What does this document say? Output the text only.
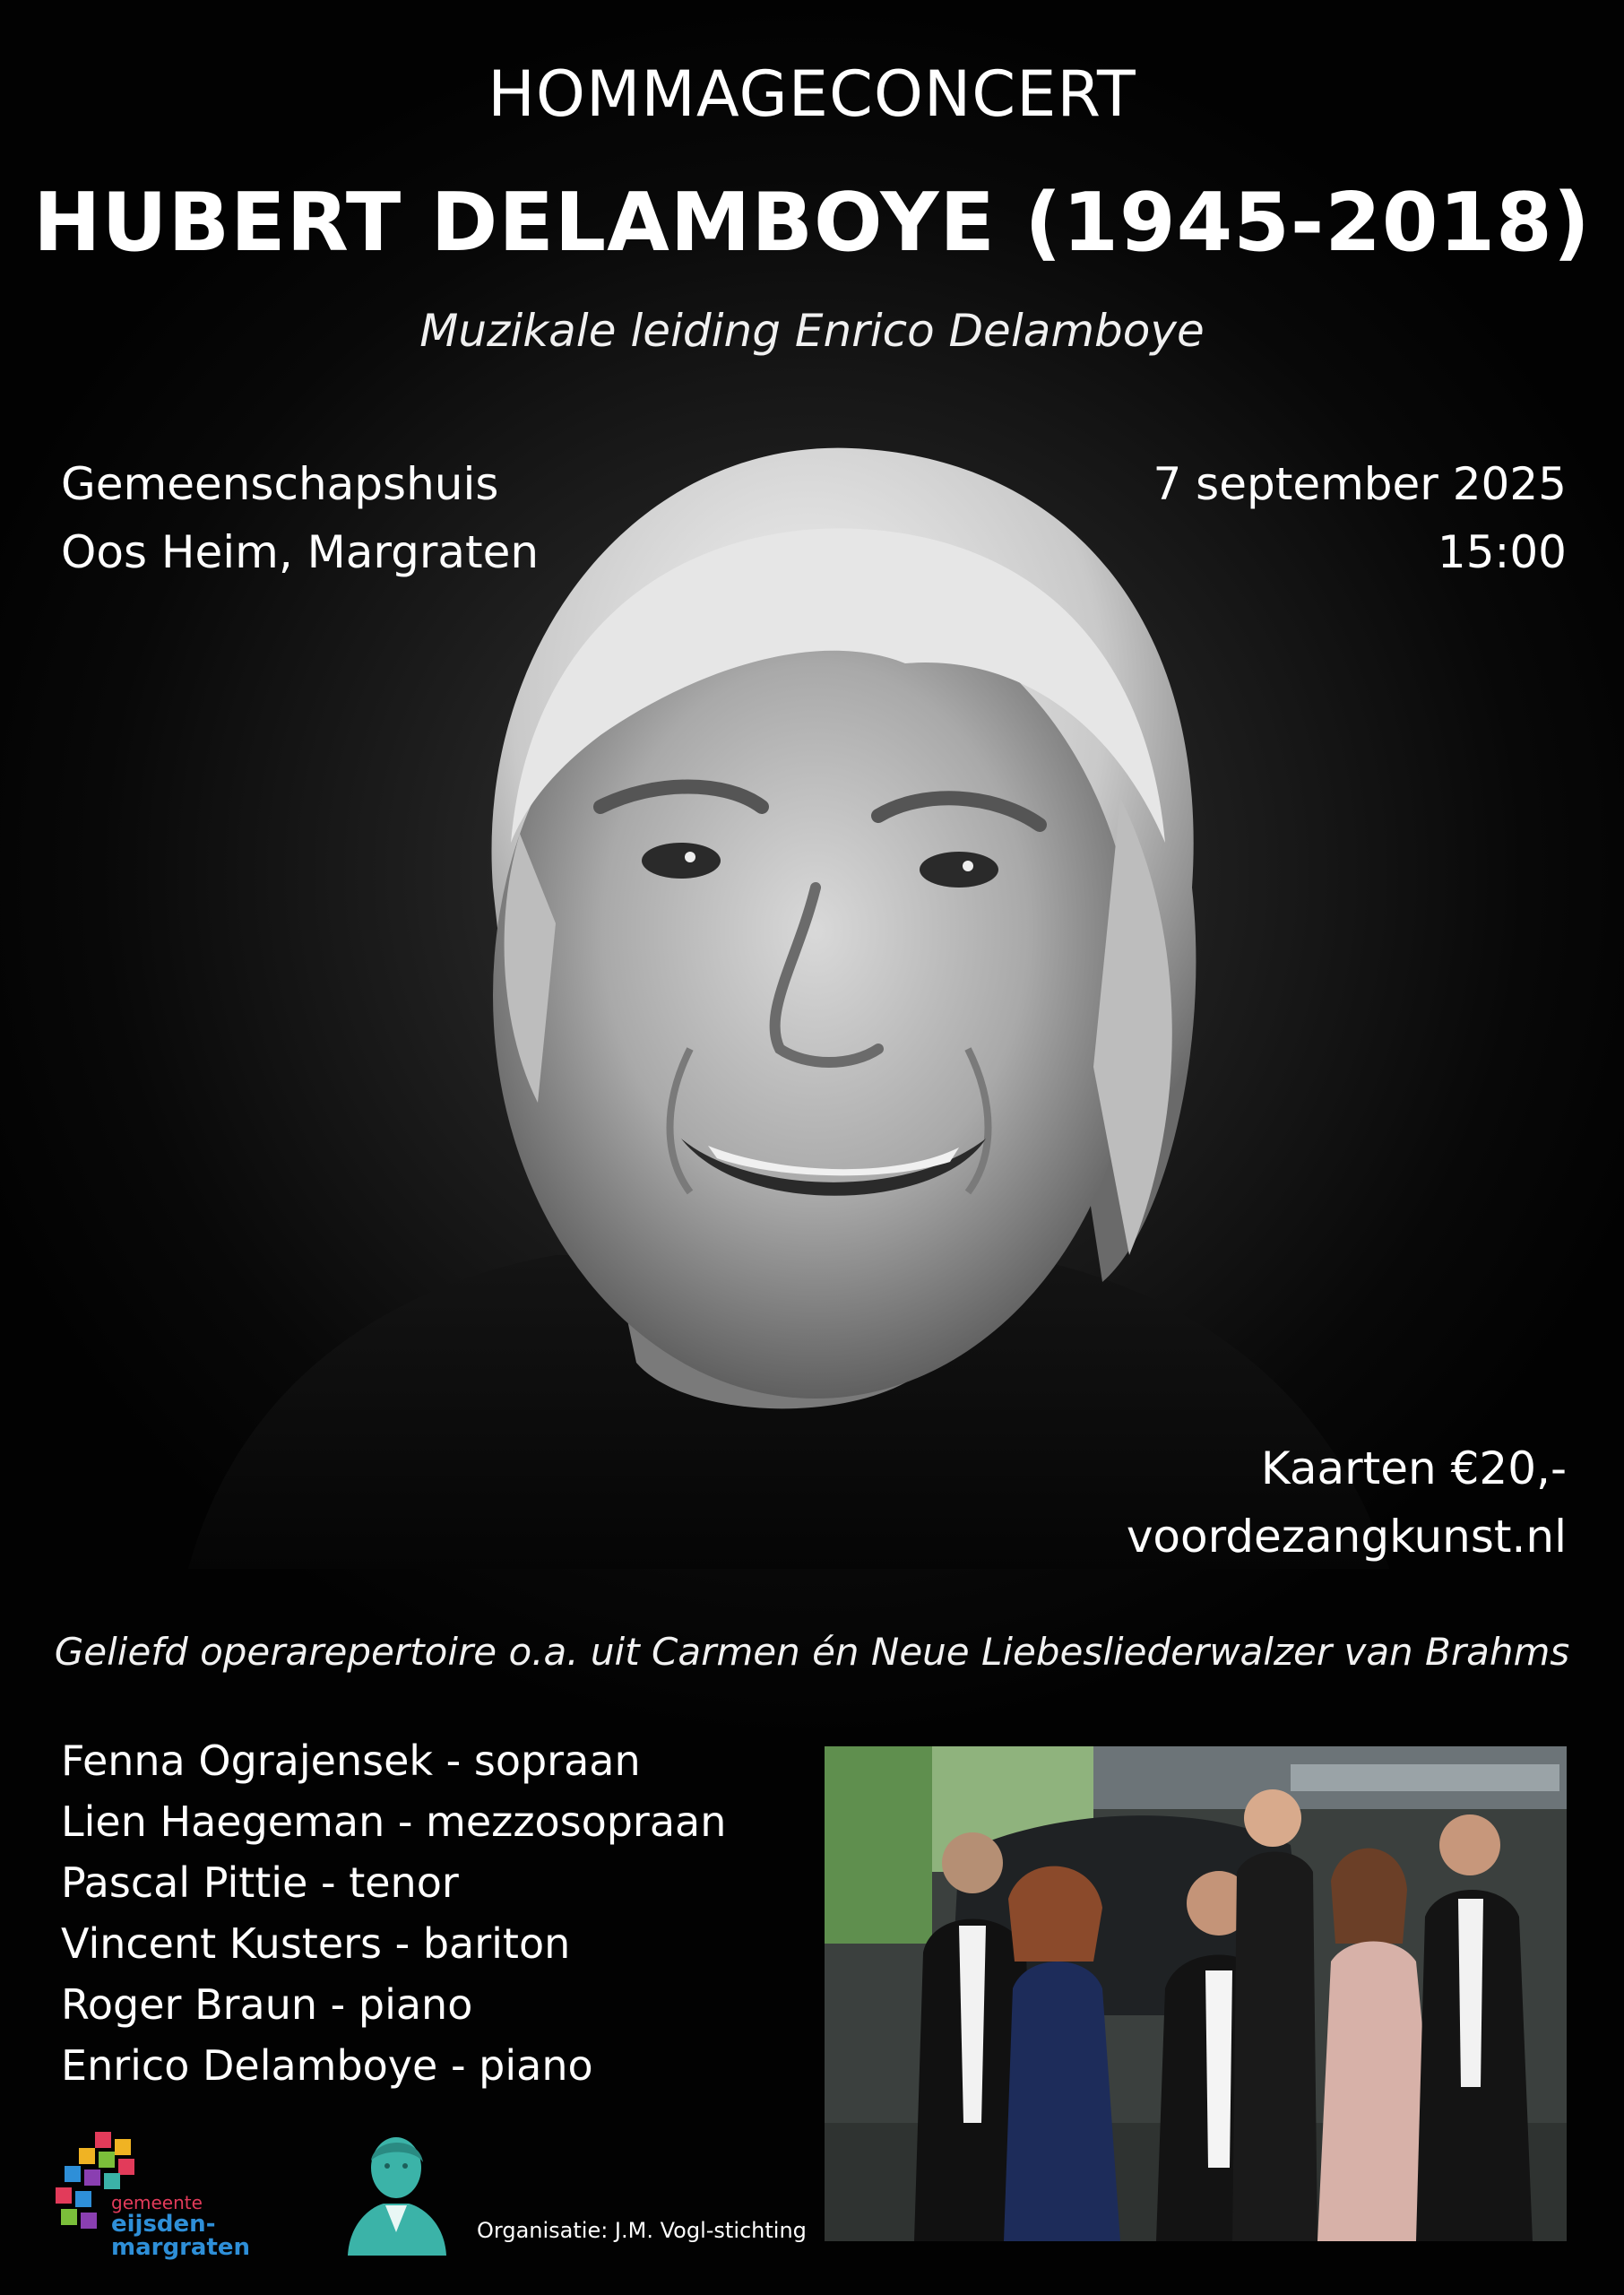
HOMMAGECONCERT
HUBERT DELAMBOYE (1945-2018)
Muzikale leiding Enrico Delamboye
Gemeenschapshuis
Oos Heim, Margraten
7 september 2025
15:00
Kaarten €20,-
voordezangkunst.nl
Geliefd operarepertoire o.a. uit Carmen én Neue Liebesliederwalzer van Brahms
Fenna Ograjensek - sopraan
Lien Haegeman - mezzosopraan
Pascal Pittie - tenor
Vincent Kusters - bariton
Roger Braun - piano
Enrico Delamboye - piano
gemeente
eijsden-margraten
Organisatie: J.M. Vogl-stichting
